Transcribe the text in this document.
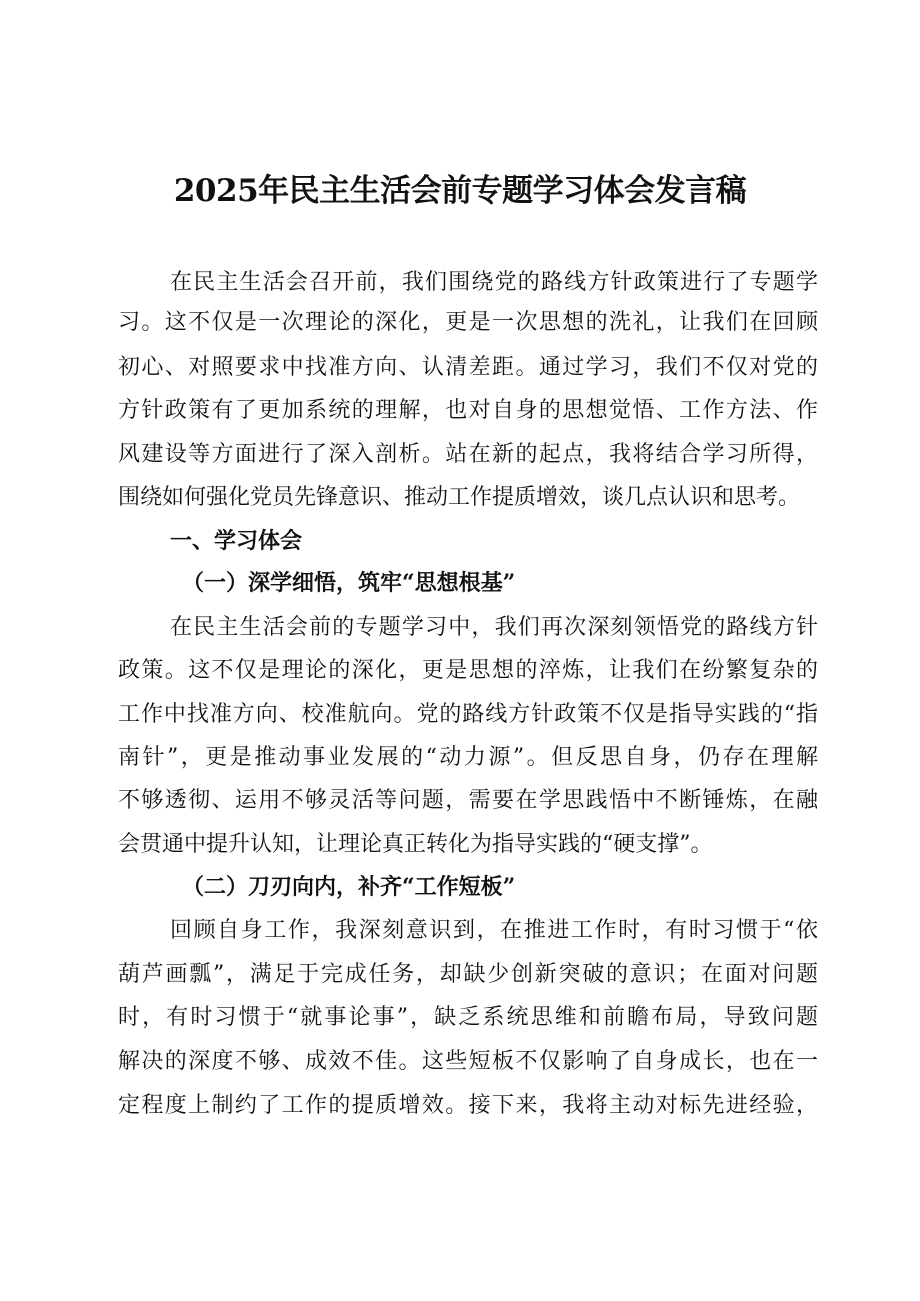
2025年民主生活会前专题学习体会发言稿
在民主生活会召开前，我们围绕党的路线方针政策进行了专题学
习。这不仅是一次理论的深化，更是一次思想的洗礼，让我们在回顾
初心、对照要求中找准方向、认清差距。通过学习，我们不仅对党的
方针政策有了更加系统的理解，也对自身的思想觉悟、工作方法、作
风建设等方面进行了深入剖析。站在新的起点，我将结合学习所得，
围绕如何强化党员先锋意识、推动工作提质增效，谈几点认识和思考。
一、学习体会
（一）深学细悟，筑牢“思想根基”
在民主生活会前的专题学习中，我们再次深刻领悟党的路线方针
政策。这不仅是理论的深化，更是思想的淬炼，让我们在纷繁复杂的
工作中找准方向、校准航向。党的路线方针政策不仅是指导实践的“指
南针”，更是推动事业发展的“动力源”。但反思自身，仍存在理解
不够透彻、运用不够灵活等问题，需要在学思践悟中不断锤炼，在融
会贯通中提升认知，让理论真正转化为指导实践的“硬支撑”。
（二）刀刃向内，补齐“工作短板”
回顾自身工作，我深刻意识到，在推进工作时，有时习惯于“依
葫芦画瓢”，满足于完成任务，却缺少创新突破的意识；在面对问题
时，有时习惯于“就事论事”，缺乏系统思维和前瞻布局，导致问题
解决的深度不够、成效不佳。这些短板不仅影响了自身成长，也在一
定程度上制约了工作的提质增效。接下来，我将主动对标先进经验，
